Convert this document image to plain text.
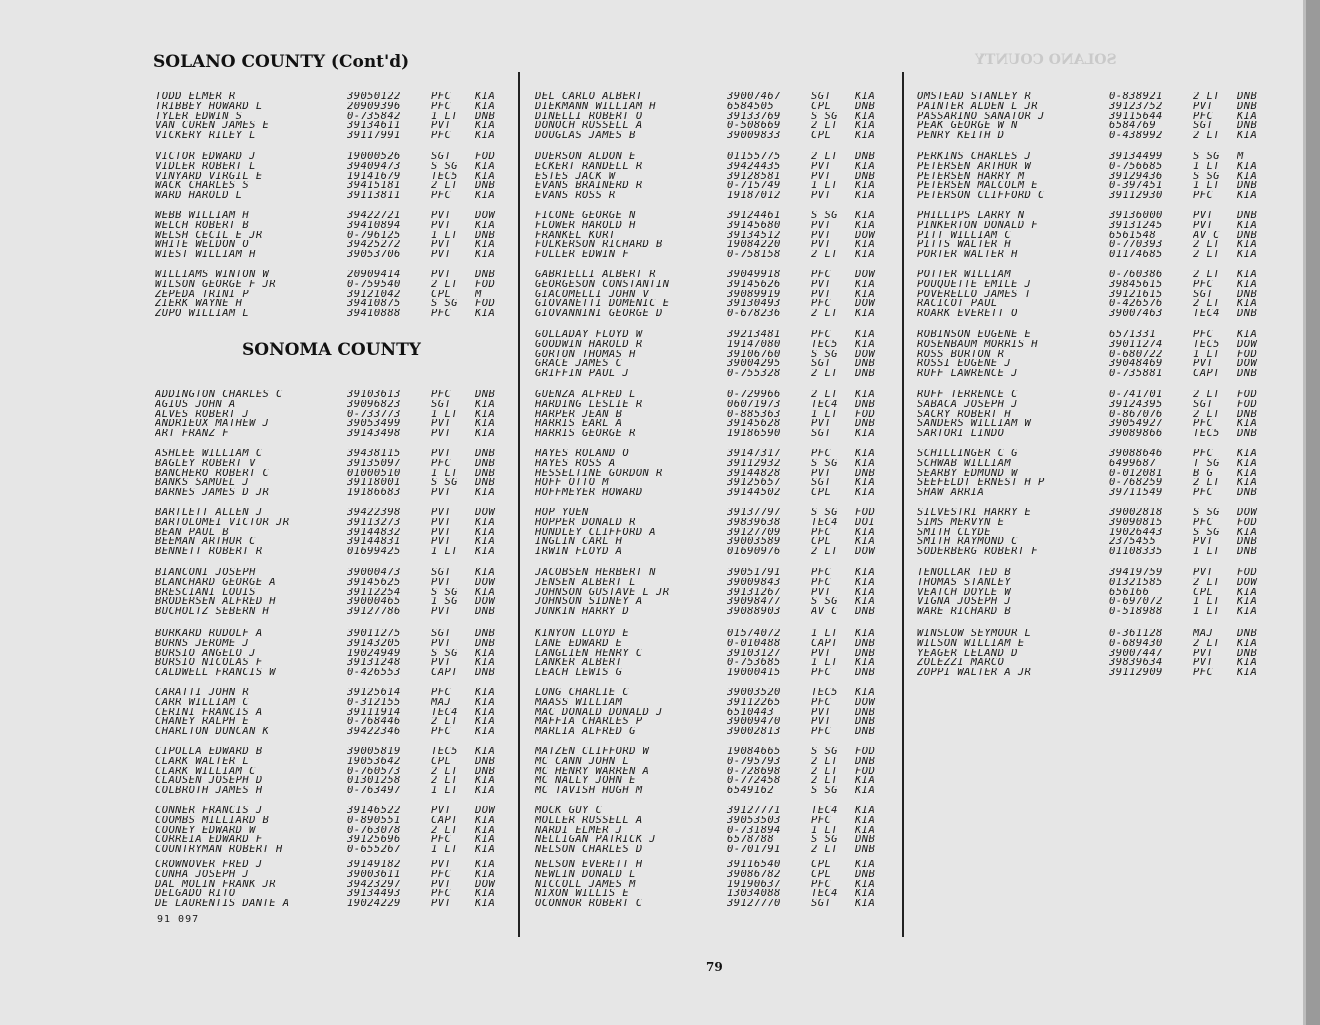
SOLANO COUNTY
SOLANO COUNTY (Cont'd)
SONOMA COUNTY
TODD ELMER R	39050122	PFC	KIA
TRIBBEY HOWARD L	20909396	PFC	KIA
TYLER EDWIN S	0-735842	1 LT	DNB
VAN CUREN JAMES E	39134611	PVT	KIA
VICKERY RILEY L	39117991	PFC	KIA
VICTOR EDWARD J	19000526	SGT	FOD
VIDLER ROBERT L	39409473	S SG	KIA
VINYARD VIRGIL E	19141679	TEC5	KIA
WACK CHARLES S	39415181	2 LT	DNB
WARD HAROLD L	39113811	PFC	KIA
WEBB WILLIAM H	39422721	PVT	DOW
WELCH ROBERT B	39410894	PVT	KIA
WELSH CECIL E JR	0-796125	1 LT	DNB
WHITE WELDON O	39425272	PVT	KIA
WIEST WILLIAM H	39053706	PVT	KIA
WILLIAMS WINTON W	20909414	PVT	DNB
WILSON GEORGE F JR	0-759540	2 LT	FOD
ZEPEDA TRINI P	39121042	CPL	M
ZIERK WAYNE H	39410875	S SG	FOD
ZUPO WILLIAM L	39410888	PFC	KIA
ADDINGTON CHARLES C	39103613	PFC	DNB
AGIUS JOHN A	39096823	SGT	KIA
ALVES ROBERT J	0-733773	1 LT	KIA
ANDRIEUX MATHEW J	39053499	PVT	KIA
ART FRANZ F	39143498	PVT	KIA
ASHLEE WILLIAM C	39438115	PVT	DNB
BAGLEY ROBERT V	39135097	PFC	DNB
BANCHERO ROBERT C	01000510	1 LT	DNB
BANKS SAMUEL J	39118001	S SG	DNB
BARNES JAMES D JR	19186683	PVT	KIA
BARTLETT ALLEN J	39422398	PVT	DOW
BARTOLOMEI VICTOR JR	39113273	PVT	KIA
BEAN PAUL B	39144832	PVT	KIA
BEEMAN ARTHUR C	39144831	PVT	KIA
BENNETT ROBERT R	01699425	1 LT	KIA
BIANCONI JOSEPH	39000473	SGT	KIA
BLANCHARD GEORGE A	39145625	PVT	DOW
BRESCIANI LOUIS	39112254	S SG	KIA
BRODERSEN ALFRED H	39000465	1 SG	DOW
BUCHOLTZ SEBERN H	39127786	PVT	DNB
BURKARD RUDOLF A	39011275	SGT	DNB
BURNS JEROME J	39143205	PVT	DNB
BURSIO ANGELO J	19024949	S SG	KIA
BURSIO NICOLAS F	39131248	PVT	KIA
CALDWELL FRANCIS W	0-426553	CAPT	DNB
CARATTI JOHN R	39125614	PFC	KIA
CARR WILLIAM C	0-312155	MAJ	KIA
CERINI FRANCIS A	39111914	TEC4	KIA
CHANEY RALPH E	0-768446	2 LT	KIA
CHARLTON DUNCAN K	39422346	PFC	KIA
CIPOLLA EDWARD B	39005819	TEC5	KIA
CLARK WALTER L	19053642	CPL	DNB
CLARK WILLIAM C	0-760573	2 LT	DNB
CLAUSEN JOSEPH D	01301258	2 LT	KIA
COLBROTH JAMES H	0-763497	1 LT	KIA
CONNER FRANCIS J	39146522	PVT	DOW
COOMBS MILLIARD B	0-890551	CAPT	KIA
COONEY EDWARD W	0-763078	2 LT	KIA
CORREIA EDWARD F	39125696	PFC	KIA
COUNTRYMAN ROBERT H	0-655267	1 LT	KIA
CROWNOVER FRED J	39149182	PVT	KIA
CUNHA JOSEPH J	39003611	PFC	KIA
DAL MOLIN FRANK JR	39423297	PVT	DOW
DELGADO RITO	39134493	PFC	KIA
DE LAURENTIS DANTE A	19024229	PVT	KIA
DEL CARLO ALBERT	39007467	SGT	KIA
DIEKMANN WILLIAM H	6584505	CPL	DNB
DINELLI ROBERT O	39133769	S SG	KIA
DONOCH RUSSELL A	0-508669	2 LT	KIA
DOUGLAS JAMES B	39009833	CPL	KIA
DUERSON ALDON E	01155775	2 LT	DNB
ECKERT RANDELL R	39424435	PVT	KIA
ESTES JACK W	39128581	PVT	DNB
EVANS BRAINERD R	0-715749	1 LT	KIA
EVANS ROSS R	19187012	PVT	KIA
FICONE GEORGE N	39124461	S SG	KIA
FLOWER HAROLD H	39145680	PVT	KIA
FRANKEL KURT	39134512	PVT	DOW
FULKERSON RICHARD B	19084220	PVT	KIA
FULLER EDWIN F	0-758158	2 LT	KIA
GABRIELLI ALBERT R	39049918	PFC	DOW
GEORGESON CONSTANTIN	39145626	PVT	KIA
GIACOMELLI JOHN V	39089919	PVT	KIA
GIOVANETTI DOMENIC E	39130493	PFC	DOW
GIOVANNINI GEORGE D	0-678236	2 LT	KIA
GOLLADAY FLOYD W	39213481	PFC	KIA
GOODWIN HAROLD R	19147080	TEC5	KIA
GORTON THOMAS H	39106760	S SG	DOW
GRACE JAMES C	39004295	SGT	DNB
GRIFFIN PAUL J	0-755328	2 LT	DNB
GUENZA ALFRED L	0-729966	2 LT	KIA
HARDING LESLIE R	06071973	TEC4	DNB
HARPER JEAN B	0-885363	1 LT	FOD
HARRIS EARL A	39145628	PVT	DNB
HARRIS GEORGE R	19186590	SGT	KIA
HAYES ROLAND O	39147317	PFC	KIA
HAYES ROSS A	39112932	S SG	KIA
HESSELTINE GORDON R	39144828	PVT	DNB
HOFF OTTO M	39125657	SGT	KIA
HOFFMEYER HOWARD	39144502	CPL	KIA
HOP YUEN	39137797	S SG	FOD
HOPPER DONALD R	39839638	TEC4	DOI
HUNDLEY CLIFFORD A	39127709	PFC	KIA
INGLIN CARL H	39003589	CPL	KIA
IRWIN FLOYD A	01690976	2 LT	DOW
JACOBSEN HERBERT N	39051791	PFC	KIA
JENSEN ALBERT L	39009843	PFC	KIA
JOHNSON GUSTAVE L JR	39131267	PVT	KIA
JOHNSON SIDNEY A	39098477	S SG	KIA
JUNKIN HARRY D	39088903	AV C	DNB
KINYON LLOYD E	01574072	1 LT	KIA
LANE EDWARD E	0-010488	CAPT	DNB
LANGLIEN HENRY C	39103127	PVT	DNB
LANKER ALBERT	0-753685	1 LT	KIA
LEACH LEWIS G	19000415	PFC	DNB
LONG CHARLIE C	39003520	TEC5	KIA
MAASS WILLIAM	39112265	PFC	DOW
MAC DONALD DONALD J	6510443	PVT	DNB
MAFFIA CHARLES P	39009470	PVT	DNB
MARLIA ALFRED G	39002813	PFC	DNB
MATZEN CLIFFORD W	19084665	S SG	FOD
MC CANN JOHN L	0-795793	2 LT	DNB
MC HENRY WARREN A	0-728698	2 LT	FOD
MC NALLY JOHN E	0-772458	2 LT	KIA
MC TAVISH HUGH M	6549162	S SG	KIA
MOCK GUY C	39127771	TEC4	KIA
MOLLER RUSSELL A	39053503	PFC	KIA
NARDI ELMER J	0-731894	1 LT	KIA
NELLIGAN PATRICK J	6578788	S SG	DNB
NELSON CHARLES D	0-701791	2 LT	DNB
NELSON EVERETT H	39116540	CPL	KIA
NEWLIN DONALD L	39086782	CPL	DNB
NICCOLL JAMES M	19190637	PFC	KIA
NIXON WILLIS E	13034088	TEC4	KIA
OCONNOR ROBERT C	39127770	SGT	KIA
OMSTEAD STANLEY R	0-838921	2 LT	DNB
PAINTER ALDEN L JR	39123752	PVT	DNB
PASSARINO SANATOR J	39115644	PFC	KIA
PEAK GEORGE W N	6584769	SGT	DNB
PENRY KEITH D	0-438992	2 LT	KIA
PERKINS CHARLES J	39134499	S SG	M
PETERSEN ARTHUR W	0-756685	1 LT	KIA
PETERSEN HARRY M	39129436	S SG	KIA
PETERSEN MALCOLM E	0-397451	1 LT	DNB
PETERSON CLIFFORD C	39112930	PFC	KIA
PHILLIPS LARRY N	39136000	PVT	DNB
PINKERTON DONALD F	39131245	PVT	KIA
PITT WILLIAM C	6561548	AV C	DNB
PITTS WALTER H	0-770393	2 LT	KIA
PORTER WALTER H	01174685	2 LT	KIA
POTTER WILLIAM	0-760386	2 LT	KIA
POUQUETTE EMILE J	39845615	PFC	KIA
POVERELLO JAMES T	39121615	SGT	DNB
RACICOT PAUL	0-426576	2 LT	KIA
ROARK EVERETT O	39007463	TEC4	DNB
ROBINSON EUGENE E	6571331	PFC	KIA
ROSENBAUM MORRIS H	39011274	TEC5	DOW
ROSS BURTON R	0-680722	1 LT	FOD
ROSSI EUGENE J	39048469	PVT	DOW
RUFF LAWRENCE J	0-735881	CAPT	DNB
RUFF TERRENCE C	0-741701	2 LT	FOD
SABACA JOSEPH J	39124395	SGT	FOD
SACRY ROBERT H	0-867076	2 LT	DNB
SANDERS WILLIAM W	39054927	PFC	KIA
SARTORI LINDO	39089866	TEC5	DNB
SCHILLINGER C G	39088646	PFC	KIA
SCHWAB WILLIAM	6499687	T SG	KIA
SEARBY EDMUND W	0-012081	B G	KIA
SEEFELDT ERNEST H P	0-768259	2 LT	KIA
SHAW ARRIA	39711549	PFC	DNB
SILVESTRI HARRY E	39002818	S SG	DOW
SIMS MERVYN E	39090815	PFC	FOD
SMITH CLYDE	19026443	S SG	KIA
SMITH RAYMOND C	2375455	PVT	DNB
SODERBERG ROBERT F	01108335	1 LT	DNB
TENOLLAR TED B	39419759	PVT	FOD
THOMAS STANLEY	01321585	2 LT	DOW
VEATCH DOYLE W	656166	CPL	KIA
VIGNA JOSEPH J	0-697072	1 LT	KIA
WARE RICHARD B	0-518988	1 LT	KIA
WINSLOW SEYMOUR L	0-361128	MAJ	DNB
WILSON WILLIAM E	0-689430	2 LT	KIA
YEAGER LELAND D	39007447	PVT	DNB
ZOLEZZI MARCO	39839634	PVT	KIA
ZOPPI WALTER A JR	39112909	PFC	KIA
91 097
79
